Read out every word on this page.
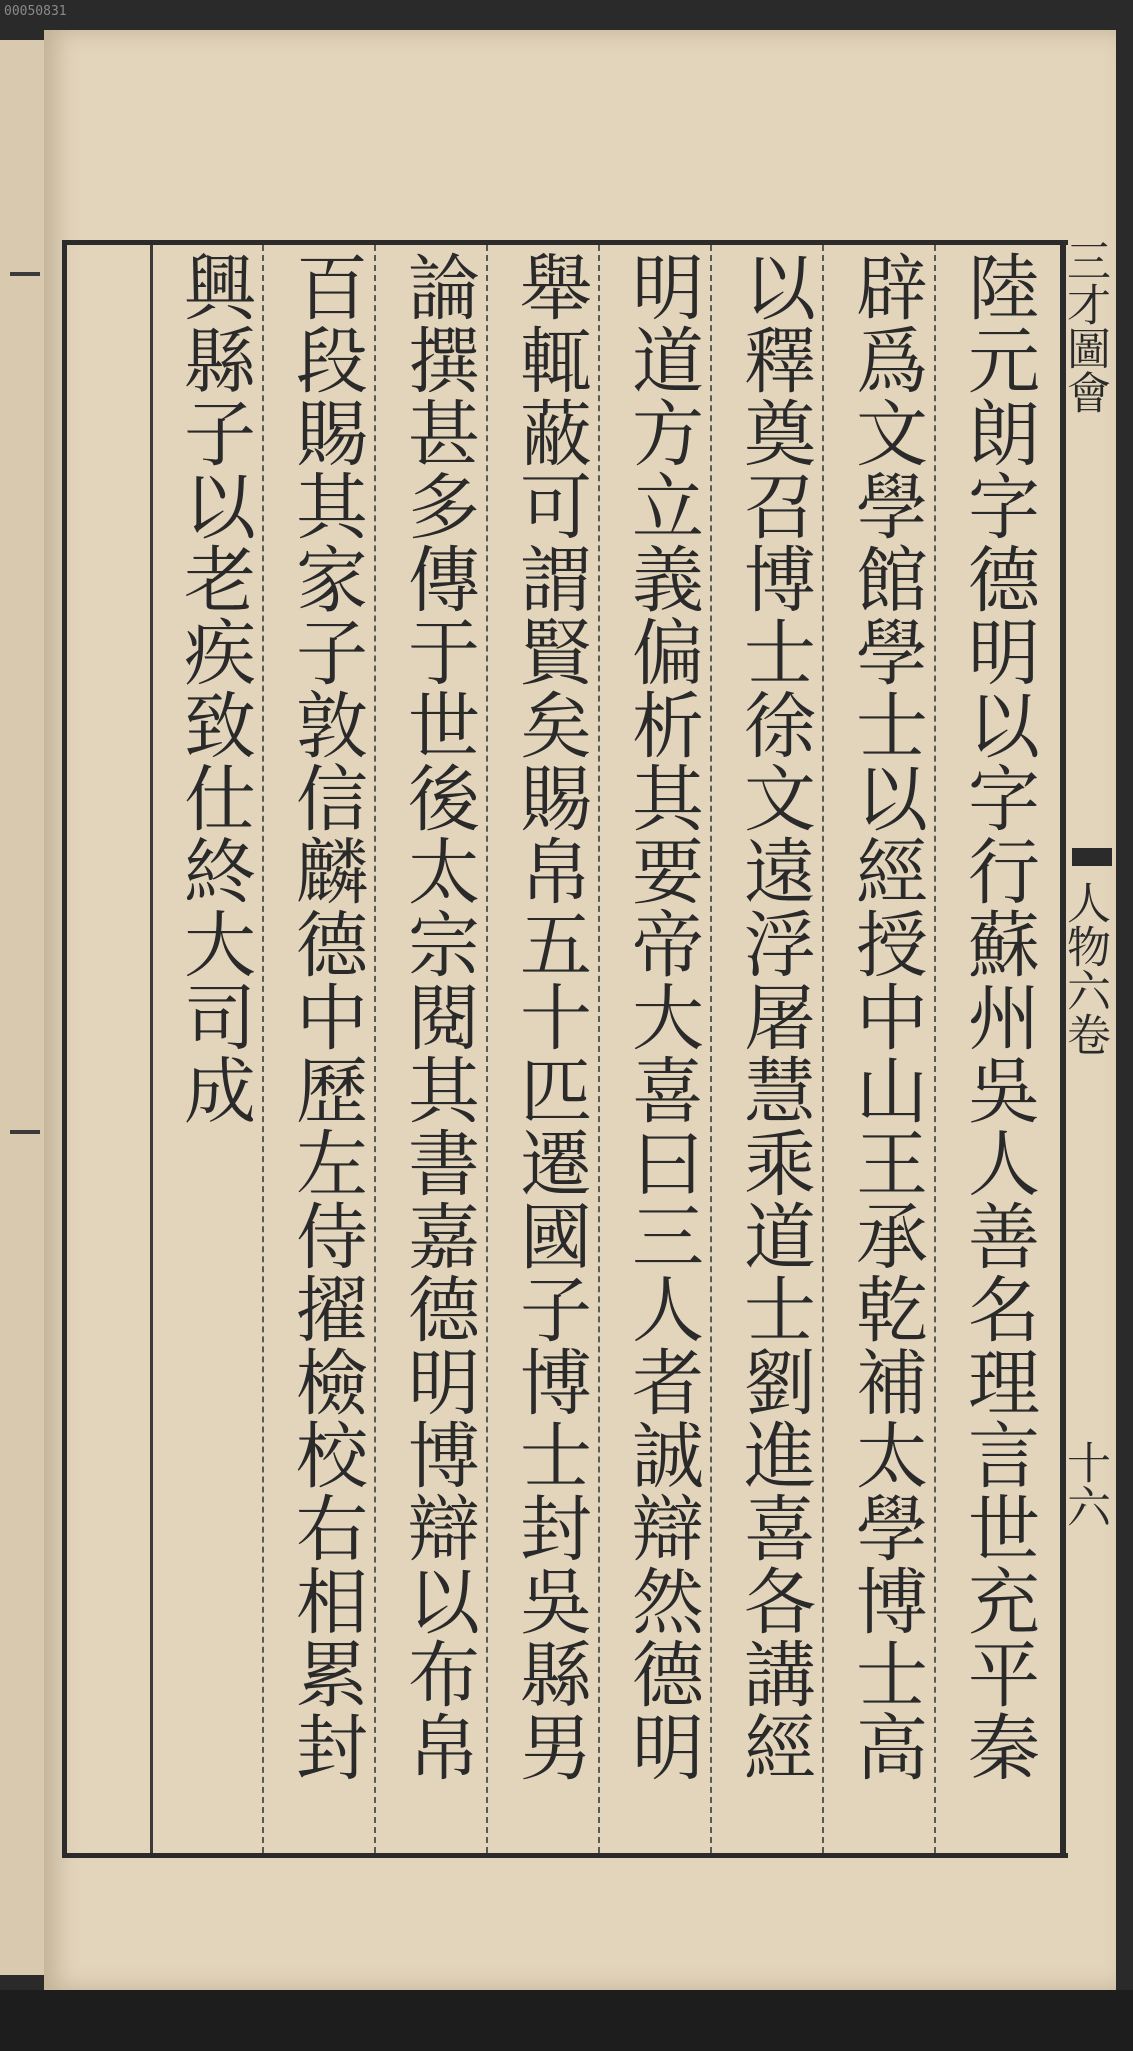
00050831
陸元朗字德明以字行蘇州吳人善名理言世充平秦
辟爲文學館學士以經授中山王承乾補太學博士高
以釋奠召博士徐文遠浮屠慧乘道士劉進喜各講經
明道方立義偏析其要帝大喜曰三人者誠辯然德明
舉輒蔽可謂賢矣賜帛五十匹遷國子博士封吳縣男
論撰甚多傳于世後太宗閱其書嘉德明博辯以布帛
百段賜其家子敦信麟德中歷左侍擢檢校右相累封
興縣子以老疾致仕終大司成	三才圖會
人物六卷
十六
